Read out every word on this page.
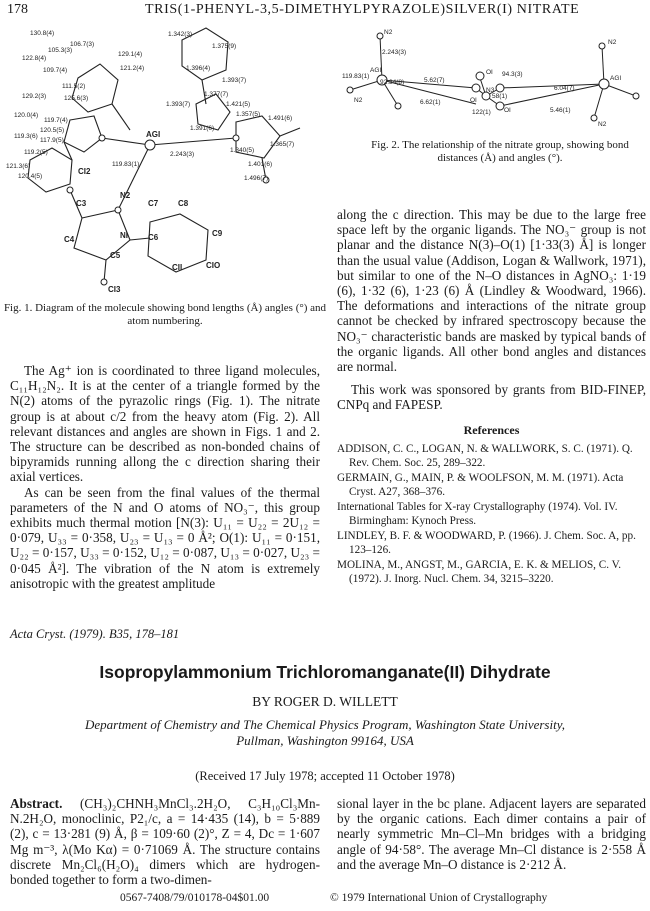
178	TRIS(1-PHENYL-3,5-DIMETHYLPYRAZOLE)SILVER(I) NITRATE
130.8(4)
106.7(3)
122.8(4)
105.3(3)
109.7(4)
129.1(4)
121.2(4)
129.2(3)
111.5(2)
125.6(3)
120.0(4)
119.7(4)
120.5(5)
117.9(5)
119.3(6)
119.2(5)
121.3(6)
120.4(5)
119.83(1)
2.243(3)
1.342(3)
1.375(9)
1.396(4)
1.393(7)
1.377(7)
1.421(5)
1.357(5)
1.491(6)
1.393(7)
1.391(6)
1.365(7)
1.340(5)
1.401(6)
1.496(7)
AGI
N2
NI
C3
C4
C5
C6
C7 C8
C9
CIO
CII
CI2
CI3
Fig. 1. Diagram of the molecule showing bond lengths (Å) angles (°) and atom numbering.
N2
N2
N2
N2
AGI
AGI
OI
OI
OI
N3
2.243(3)
92.34(8)
119.83(1)
5.62(7)
6.62(1)
94.3(3)
122(1)
58(1)
6.04(7)
5.46(1)
Fig. 2. The relationship of the nitrate group, showing bond distances (Å) and angles (°).

The Ag⁺ ion is coordinated to three ligand molecules, C₁₁H₁₂N₂. It is at the center of a triangle formed by the N(2) atoms of the pyrazolic rings (Fig. 1). The nitrate group is at about c/2 from the heavy atom (Fig. 2). All relevant distances and angles are shown in Figs. 1 and 2. The structure can be described as non-bonded chains of bipyramids running allong the c direction sharing their axial vertices.

As can be seen from the final values of the thermal parameters of the N and O atoms of NO₃⁻, this group exhibits much thermal motion [N(3): U₁₁ = U₂₂ = 2U₁₂ = 0·079, U₃₃ = 0·358, U₂₃ = U₁₃ = 0 Å²; O(1): U₁₁ = 0·151, U₂₂ = 0·157, U₃₃ = 0·152, U₁₂ = 0·087, U₁₃ = 0·027, U₂₃ = 0·045 Å²]. The vibration of the N atom is extremely anisotropic with the greatest amplitude

along the c direction. This may be due to the large free space left by the organic ligands. The NO₃⁻ group is not planar and the distance N(3)–O(1) [1·33(3) Å] is longer than the usual value (Addison, Logan & Wallwork, 1971), but similar to one of the N–O distances in AgNO₃: 1·19 (6), 1·32 (6), 1·23 (6) Å (Lindley & Woodward, 1966). The deformations and interactions of the nitrate group cannot be checked by infrared spectroscopy because the NO₃⁻ characteristic bands are masked by typical bands of the organic ligands. All other bond angles and distances are normal.

This work was sponsored by grants from BID-FINEP, CNPq and FAPESP.

References
ADDISON, C. C., LOGAN, N. & WALLWORK, S. C. (1971). Q. Rev. Chem. Soc. 25, 289–322.
GERMAIN, G., MAIN, P. & WOOLFSON, M. M. (1971). Acta Cryst. A27, 368–376.
International Tables for X-ray Crystallography (1974). Vol. IV. Birmingham: Kynoch Press.
LINDLEY, B. F. & WOODWARD, P. (1966). J. Chem. Soc. A, pp. 123–126.
MOLINA, M., ANGST, M., GARCIA, E. K. & MELIOS, C. V. (1972). J. Inorg. Nucl. Chem. 34, 3215–3220.
Acta Cryst. (1979). B35, 178–181
Isopropylammonium Trichloromanganate(II) Dihydrate
BY ROGER D. WILLETT
Department of Chemistry and The Chemical Physics Program, Washington State University, Pullman, Washington 99164, USA
(Received 17 July 1978; accepted 11 October 1978)

Abstract. (CH₃)₂CHNH₃MnCl₃.2H₂O, C₃H₁₀Cl₃Mn-N.2H₂O, monoclinic, P2₁/c, a = 14·435 (14), b = 5·889 (2), c = 13·281 (9) Å, β = 109·60 (2)°, Z = 4, Dc = 1·607 Mg m⁻³, λ(Mo Kα) = 0·71069 Å. The structure contains discrete Mn₂Cl₆(H₂O)₄ dimers which are hydrogen-bonded together to form a two-dimen-

sional layer in the bc plane. Adjacent layers are separated by the organic cations. Each dimer contains a pair of nearly symmetric Mn–Cl–Mn bridges with a bridging angle of 94·58°. The average Mn–Cl distance is 2·558 Å and the average Mn–O distance is 2·212 Å.

0567-7408/79/010178-04$01.00	© 1979 International Union of Crystallography
